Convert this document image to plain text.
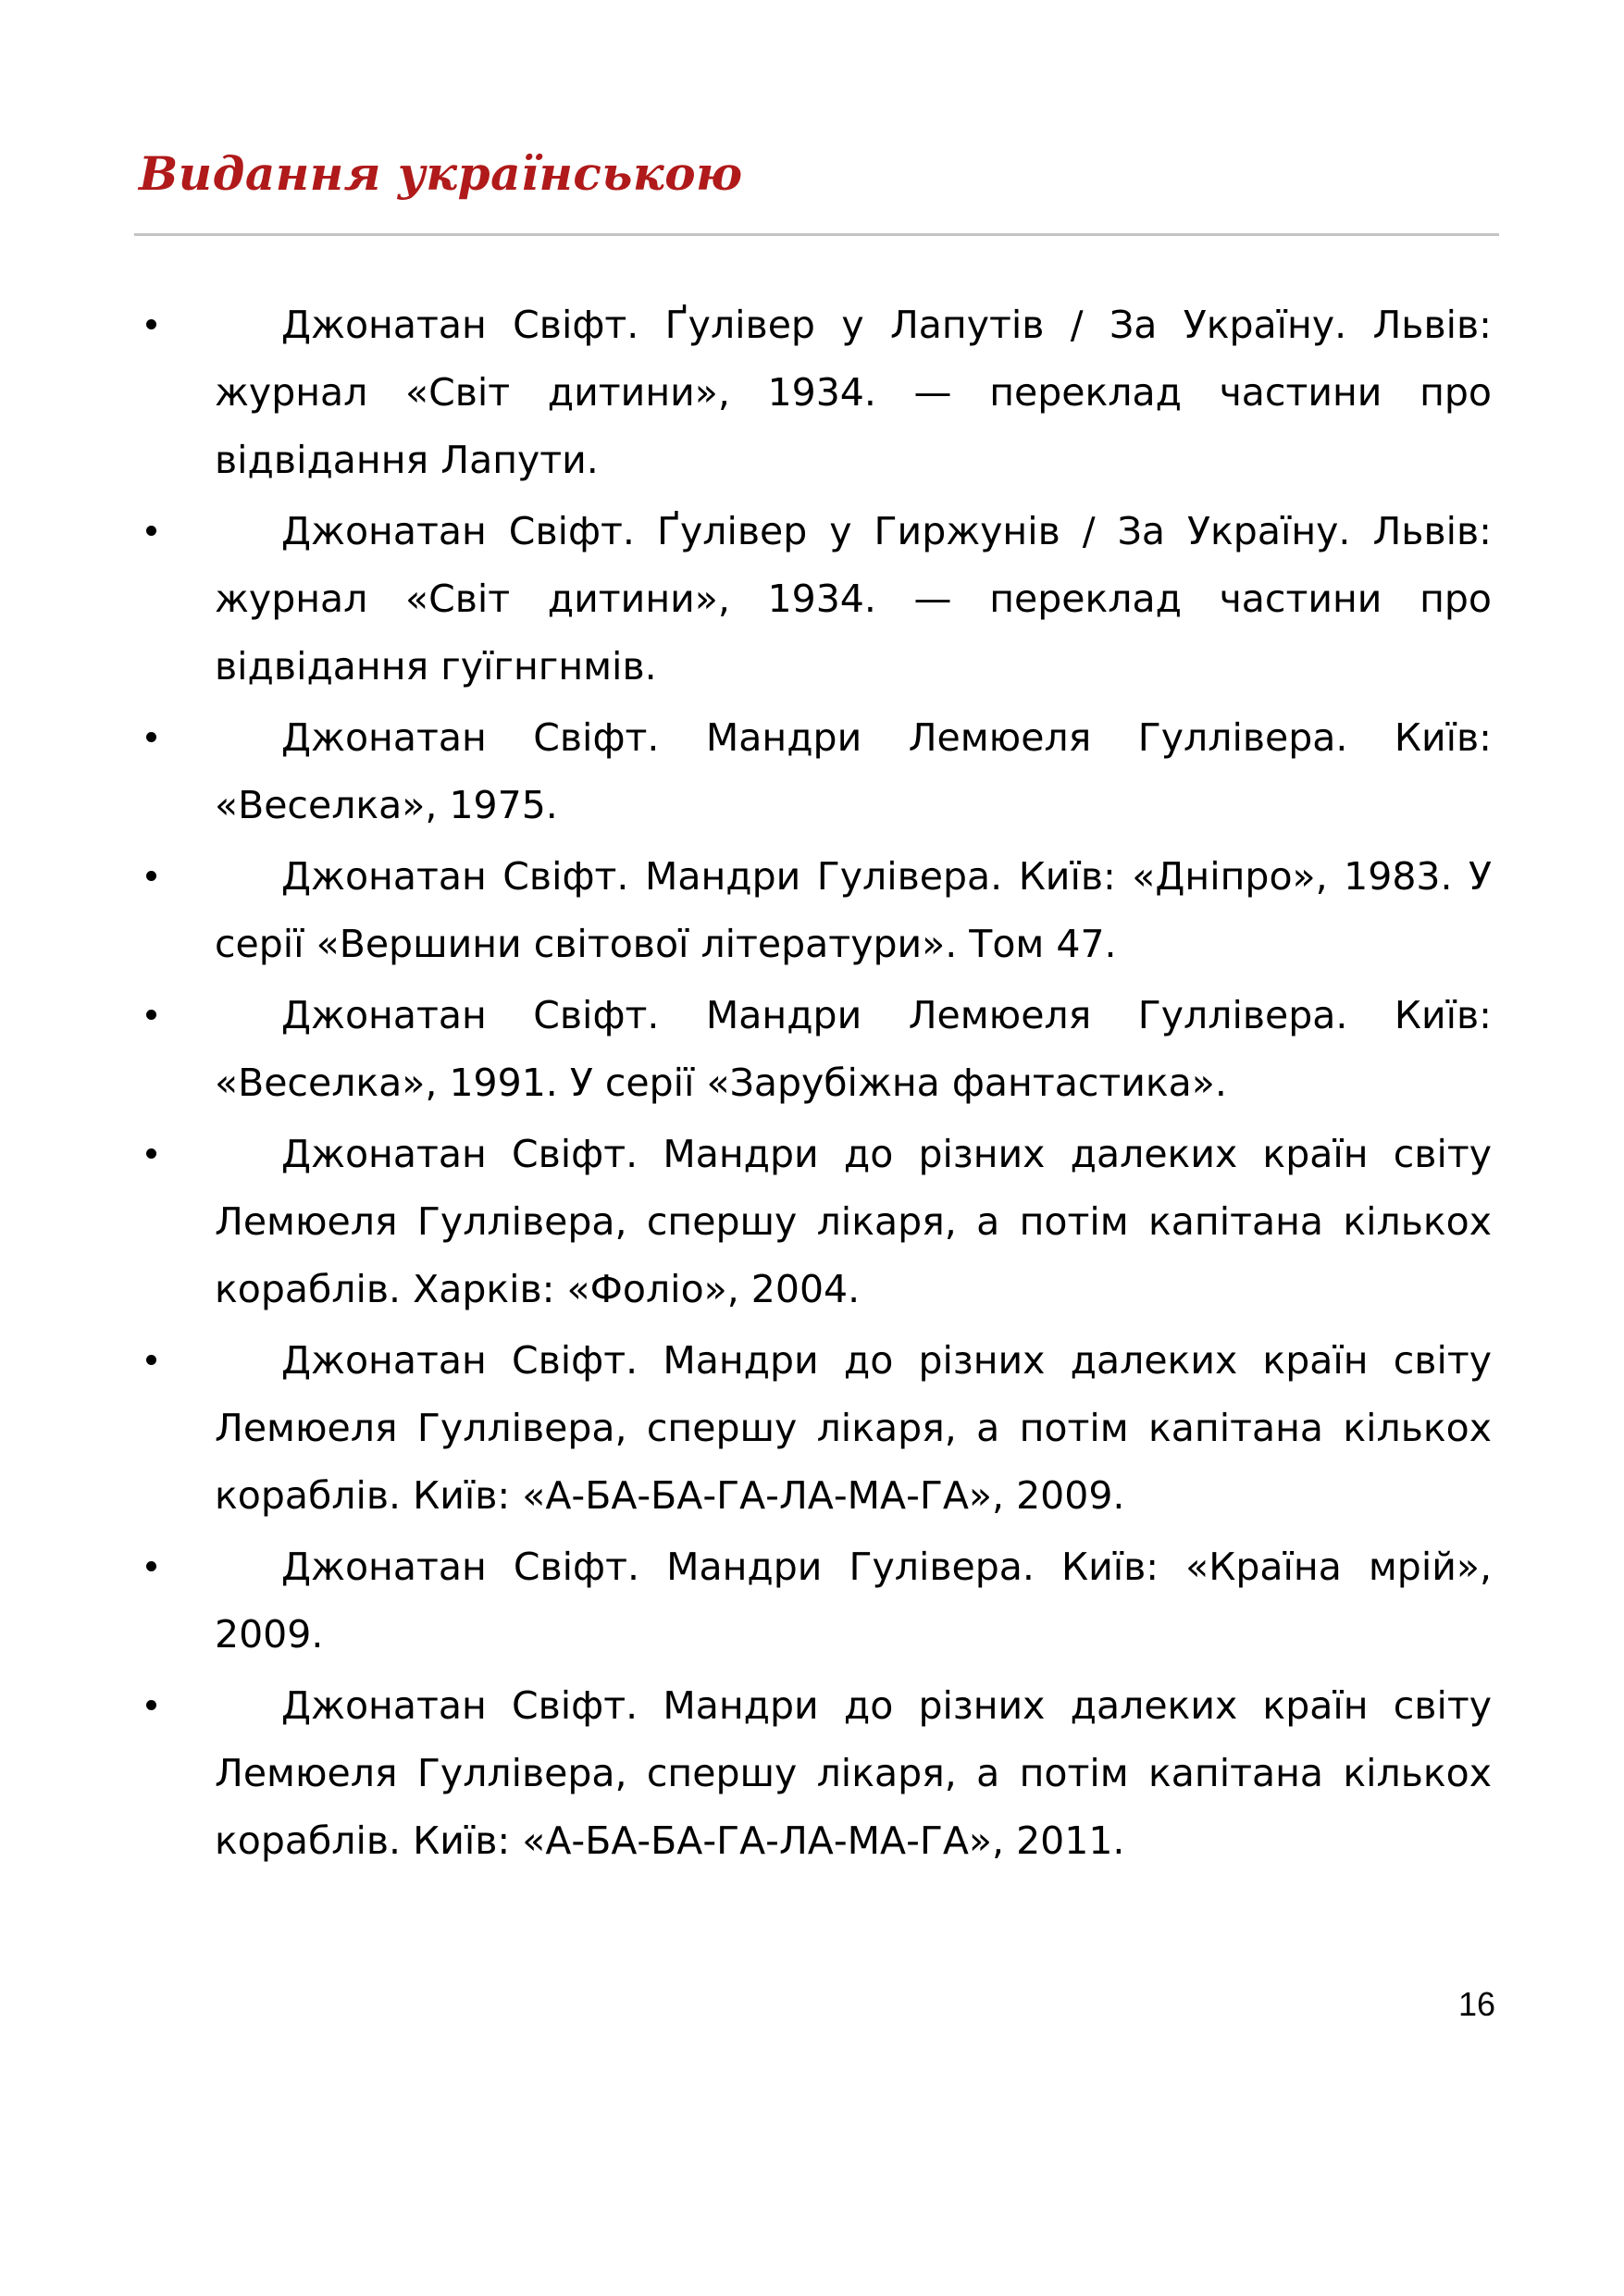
Видання українською
Джонатан Свіфт. Ґулівер у Лапутів / За Україну. Львів: журнал «Світ дитини», 1934. — переклад частини про відвідання Лапути.
Джонатан Свіфт. Ґулівер у Гиржунів / За Україну. Львів: журнал «Світ дитини», 1934. — переклад частини про відвідання гуїгнгнмів.
Джонатан Свіфт. Мандри Лемюеля Гуллівера. Київ: «Веселка», 1975.
Джонатан Свіфт. Мандри Гулівера. Київ: «Дніпро», 1983. У серії «Вершини світової літератури». Том 47.
Джонатан Свіфт. Мандри Лемюеля Гуллівера. Київ: «Веселка», 1991. У серії «Зарубіжна фантастика».
Джонатан Свіфт. Мандри до різних далеких країн світу Лемюеля Гуллівера, спершу лікаря, а потім капітана кількох кораблів. Харків: «Фоліо», 2004.
Джонатан Свіфт. Мандри до різних далеких країн світу Лемюеля Гуллівера, спершу лікаря, а потім капітана кількох кораблів. Київ: «А-БА-БА-ГА-ЛА-МА-ГА», 2009.
Джонатан Свіфт. Мандри Гулівера. Київ: «Країна мрій», 2009.
Джонатан Свіфт. Мандри до різних далеких країн світу Лемюеля Гуллівера, спершу лікаря, а потім капітана кількох кораблів. Київ: «А-БА-БА-ГА-ЛА-МА-ГА», 2011.
16
